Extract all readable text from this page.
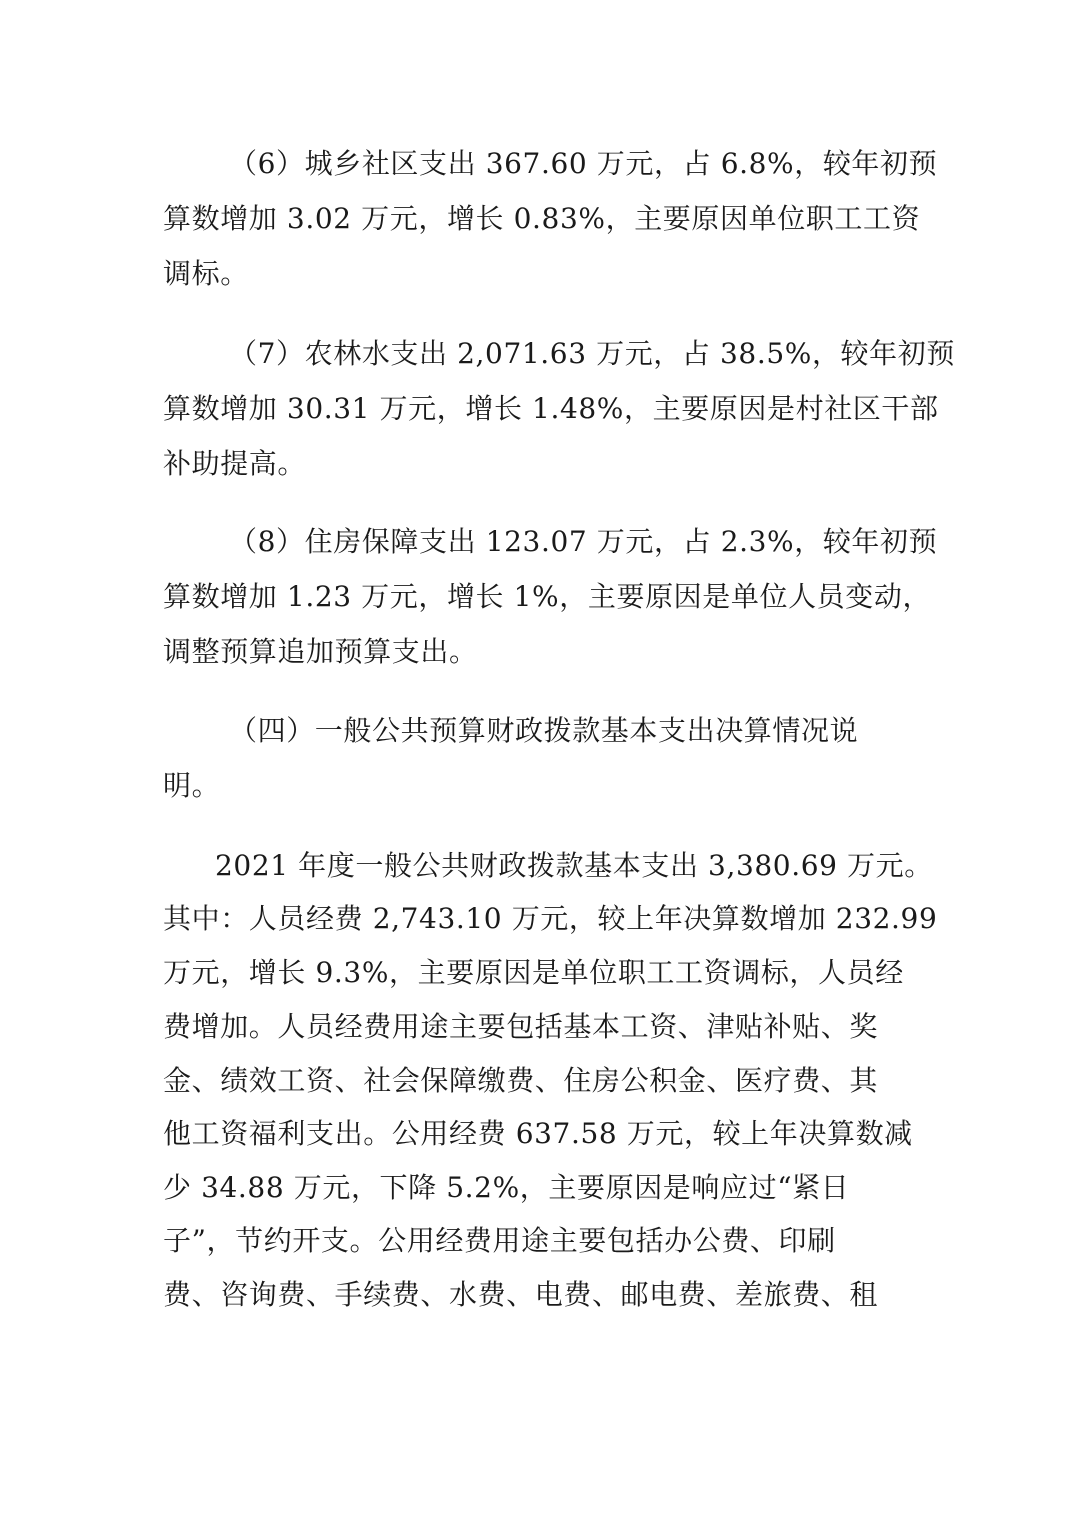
（6）城乡社区支出 367.60 万元，占 6.8%，较年初预
算数增加 3.02 万元，增长 0.83%，主要原因单位职工工资
调标。
（7）农林水支出 2,071.63 万元，占 38.5%，较年初预
算数增加 30.31 万元，增长 1.48%，主要原因是村社区干部
补助提高。
（8）住房保障支出 123.07 万元，占 2.3%，较年初预
算数增加 1.23 万元，增长 1%，主要原因是单位人员变动，
调整预算追加预算支出。
（四）一般公共预算财政拨款基本支出决算情况说
明。
2021 年度一般公共财政拨款基本支出 3,380.69 万元。
其中：人员经费 2,743.10 万元，较上年决算数增加 232.99
万元，增长 9.3%，主要原因是单位职工工资调标，人员经
费增加。人员经费用途主要包括基本工资、津贴补贴、奖
金、绩效工资、社会保障缴费、住房公积金、医疗费、其
他工资福利支出。公用经费 637.58 万元，较上年决算数减
少 34.88 万元，下降 5.2%，主要原因是响应过“紧日
子”，节约开支。公用经费用途主要包括办公费、印刷
费、咨询费、手续费、水费、电费、邮电费、差旅费、租
